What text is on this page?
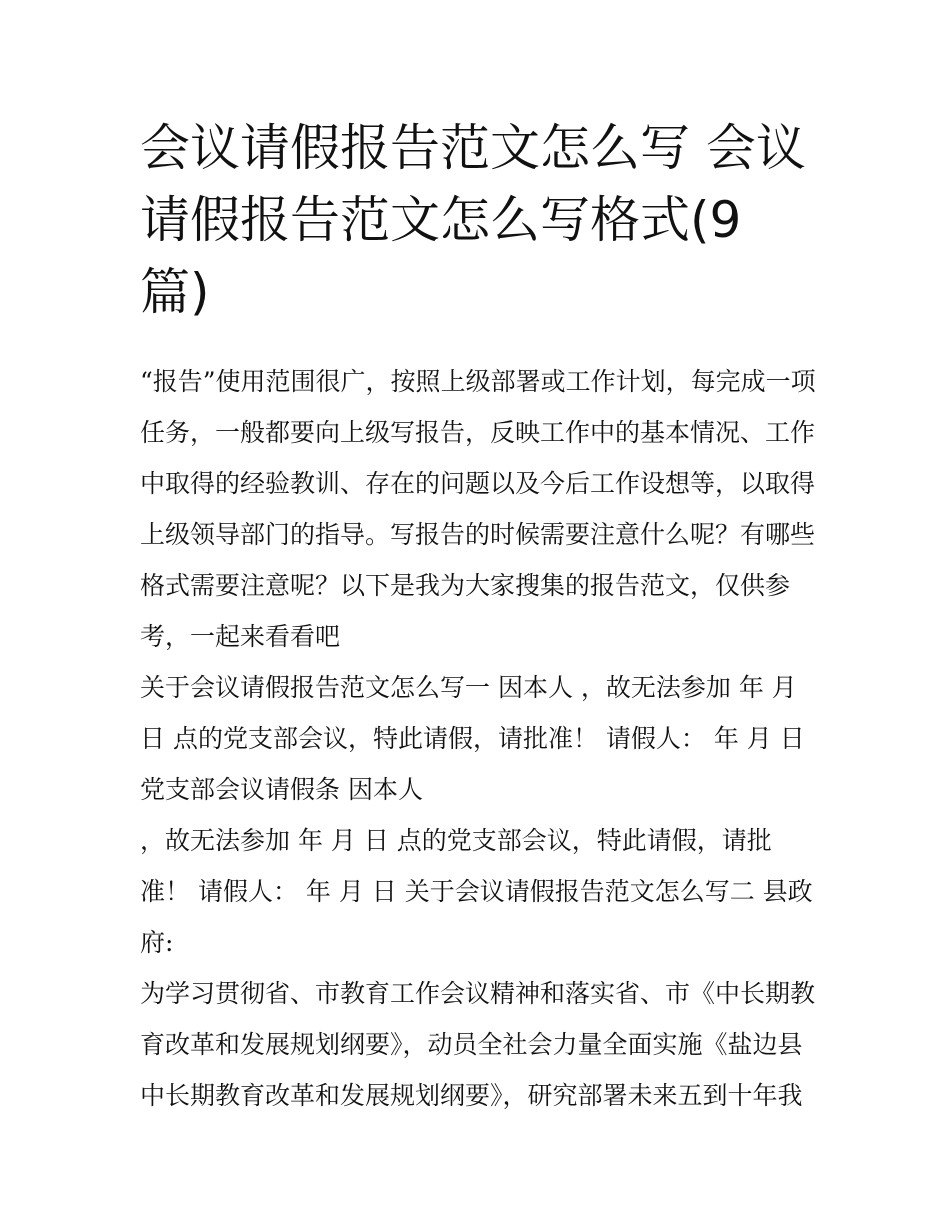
会议请假报告范文怎么写 会议
请假报告范文怎么写格式(9
篇)
“报告”使用范围很广，按照上级部署或工作计划，每完成一项
任务，一般都要向上级写报告，反映工作中的基本情况、工作
中取得的经验教训、存在的问题以及今后工作设想等，以取得
上级领导部门的指导。写报告的时候需要注意什么呢？有哪些
格式需要注意呢？以下是我为大家搜集的报告范文，仅供参
考，一起来看看吧
关于会议请假报告范文怎么写一 因本人 ，故无法参加 年 月
日 点的党支部会议，特此请假，请批准！ 请假人： 年 月 日
党支部会议请假条 因本人
，故无法参加 年 月 日 点的党支部会议，特此请假，请批
准！ 请假人： 年 月 日 关于会议请假报告范文怎么写二 县政
府:
为学习贯彻省、市教育工作会议精神和落实省、市《中长期教
育改革和发展规划纲要》，动员全社会力量全面实施《盐边县
中长期教育改革和发展规划纲要》，研究部署未来五到十年我
